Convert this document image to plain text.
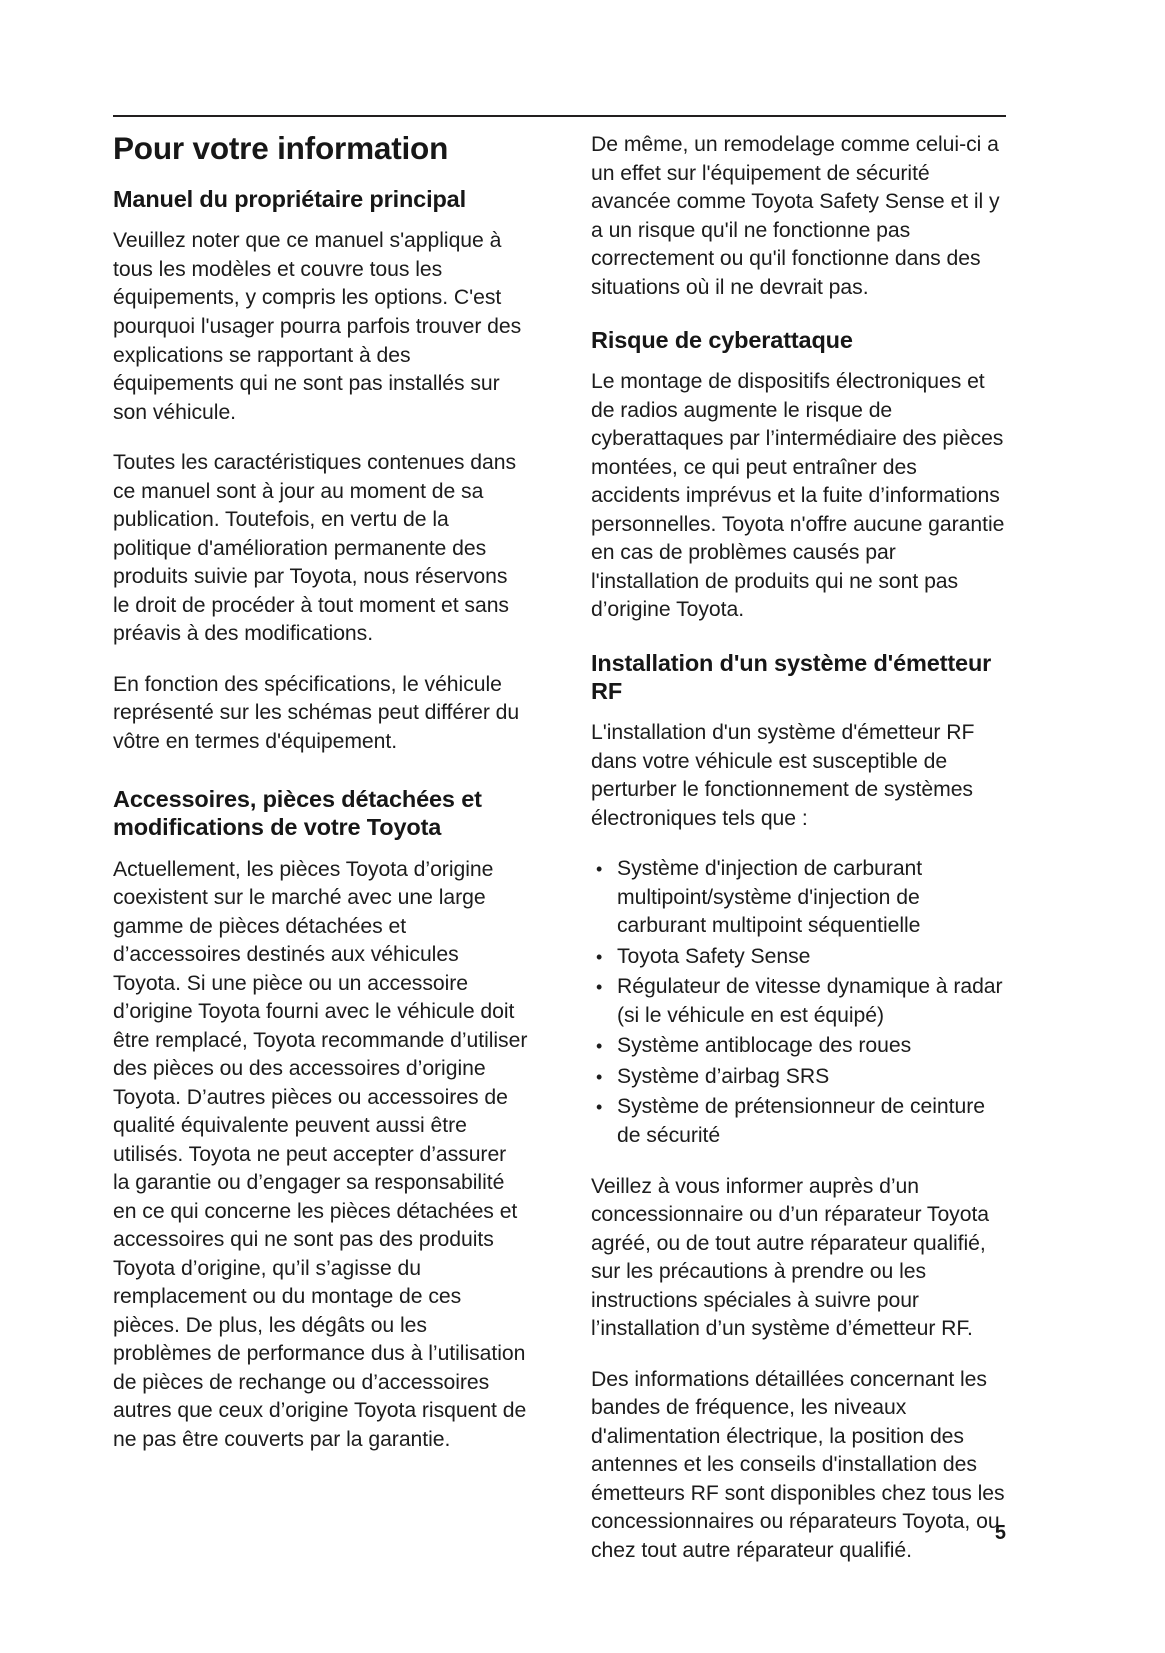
Pour votre information
Manuel du propriétaire principal

Veuillez noter que ce manuel s'applique à tous les modèles et couvre tous les équipements, y compris les options. C'est pourquoi l'usager pourra parfois trouver des explications se rapportant à des équipements qui ne sont pas installés sur son véhicule.

Toutes les caractéristiques contenues dans ce manuel sont à jour au moment de sa publication. Toutefois, en vertu de la politique d'amélioration permanente des produits suivie par Toyota, nous réservons le droit de procéder à tout moment et sans préavis à des modifications.

En fonction des spécifications, le véhicule représenté sur les schémas peut différer du vôtre en termes d'équipement.

Accessoires, pièces détachées et modifications de votre Toyota

Actuellement, les pièces Toyota d’origine coexistent sur le marché avec une large gamme de pièces détachées et d’accessoires destinés aux véhicules Toyota. Si une pièce ou un accessoire d’origine Toyota fourni avec le véhicule doit être remplacé, Toyota recommande d’utiliser des pièces ou des accessoires d’origine Toyota. D’autres pièces ou accessoires de qualité équivalente peuvent aussi être utilisés. Toyota ne peut accepter d’assurer la garantie ou d’engager sa responsabilité en ce qui concerne les pièces détachées et accessoires qui ne sont pas des produits Toyota d’origine, qu’il s’agisse du remplacement ou du montage de ces pièces. De plus, les dégâts ou les problèmes de performance dus à l’utilisation de pièces de rechange ou d’accessoires autres que ceux d’origine Toyota risquent de ne pas être couverts par la garantie.

De même, un remodelage comme celui-ci a un effet sur l'équipement de sécurité avancée comme Toyota Safety Sense et il y a un risque qu'il ne fonctionne pas correctement ou qu'il fonctionne dans des situations où il ne devrait pas.

Risque de cyberattaque

Le montage de dispositifs électroniques et de radios augmente le risque de cyberattaques par l’intermédiaire des pièces montées, ce qui peut entraîner des accidents imprévus et la fuite d’informations personnelles. Toyota n'offre aucune garantie en cas de problèmes causés par l'installation de produits qui ne sont pas d’origine Toyota.

Installation d'un système d'émetteur RF

L'installation d'un système d'émetteur RF dans votre véhicule est susceptible de perturber le fonctionnement de systèmes électroniques tels que :

• Système d'injection de carburant multipoint/système d'injection de carburant multipoint séquentielle
• Toyota Safety Sense
• Régulateur de vitesse dynamique à radar (si le véhicule en est équipé)
• Système antiblocage des roues
• Système d’airbag SRS
• Système de prétensionneur de ceinture de sécurité

Veillez à vous informer auprès d’un concessionnaire ou d’un réparateur Toyota agréé, ou de tout autre réparateur qualifié, sur les précautions à prendre ou les instructions spéciales à suivre pour l’installation d’un système d’émetteur RF.

Des informations détaillées concernant les bandes de fréquence, les niveaux d'alimentation électrique, la position des antennes et les conseils d'installation des émetteurs RF sont disponibles chez tous les concessionnaires ou réparateurs Toyota, ou chez tout autre réparateur qualifié.

5
